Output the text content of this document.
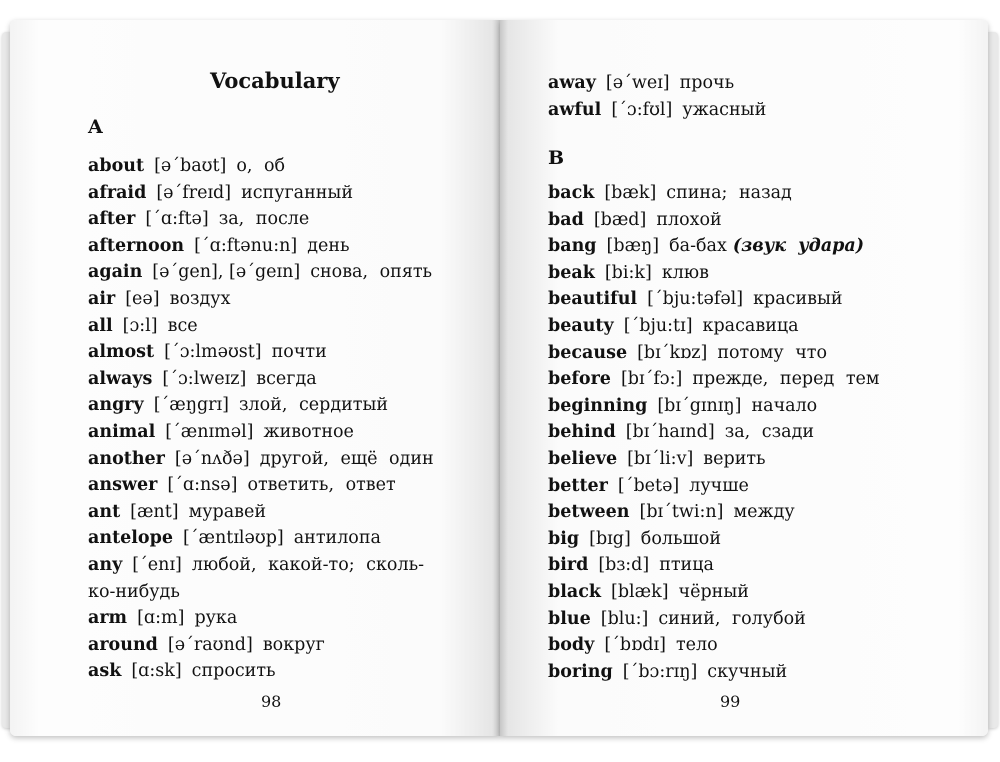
Vocabulary
A
about [əˊbaʊt] о, об
afraid [əˊfreɪd] испуганный
after [ˊɑ:ftə] за, после
afternoon [ˊɑ:ftənu:n] день
again [əˊgen], [əˊgeɪn] снова, опять
air [eə] воздух
all [ɔ:l] все
almost [ˊɔ:lməʊst] почти
always [ˊɔ:lweɪz] всегда
angry [ˊæŋgrɪ] злой, сердитый
animal [ˊænɪməl] животное
another [əˊnʌðə] другой, ещё один
answer [ˊɑ:nsə] ответить, ответ
ant [ænt] муравей
antelope [ˊæntɪləʊp] антилопа
any [ˊenɪ] любой, какой-то; сколь-
ко-нибудь
arm [ɑ:m] рука
around [əˊraʊnd] вокруг
ask [ɑ:sk] спросить
98
away [əˊweɪ] прочь
awful [ˊɔ:fʊl] ужасный
B
back [bæk] спина; назад
bad [bæd] плохой
bang [bæŋ] ба-бах (звук удара)
beak [bi:k] клюв
beautiful [ˊbju:təfəl] красивый
beauty [ˊbju:tɪ] красавица
because [bɪˊkɒz] потому что
before [bɪˊfɔ:] прежде, перед тем
beginning [bɪˊgɪnɪŋ] начало
behind [bɪˊhaɪnd] за, сзади
believe [bɪˊli:v] верить
better [ˊbetə] лучше
between [bɪˊtwi:n] между
big [bɪg] большой
bird [bɜ:d] птица
black [blæk] чёрный
blue [blu:] синий, голубой
body [ˊbɒdɪ] тело
boring [ˊbɔ:rɪŋ] скучный
99
